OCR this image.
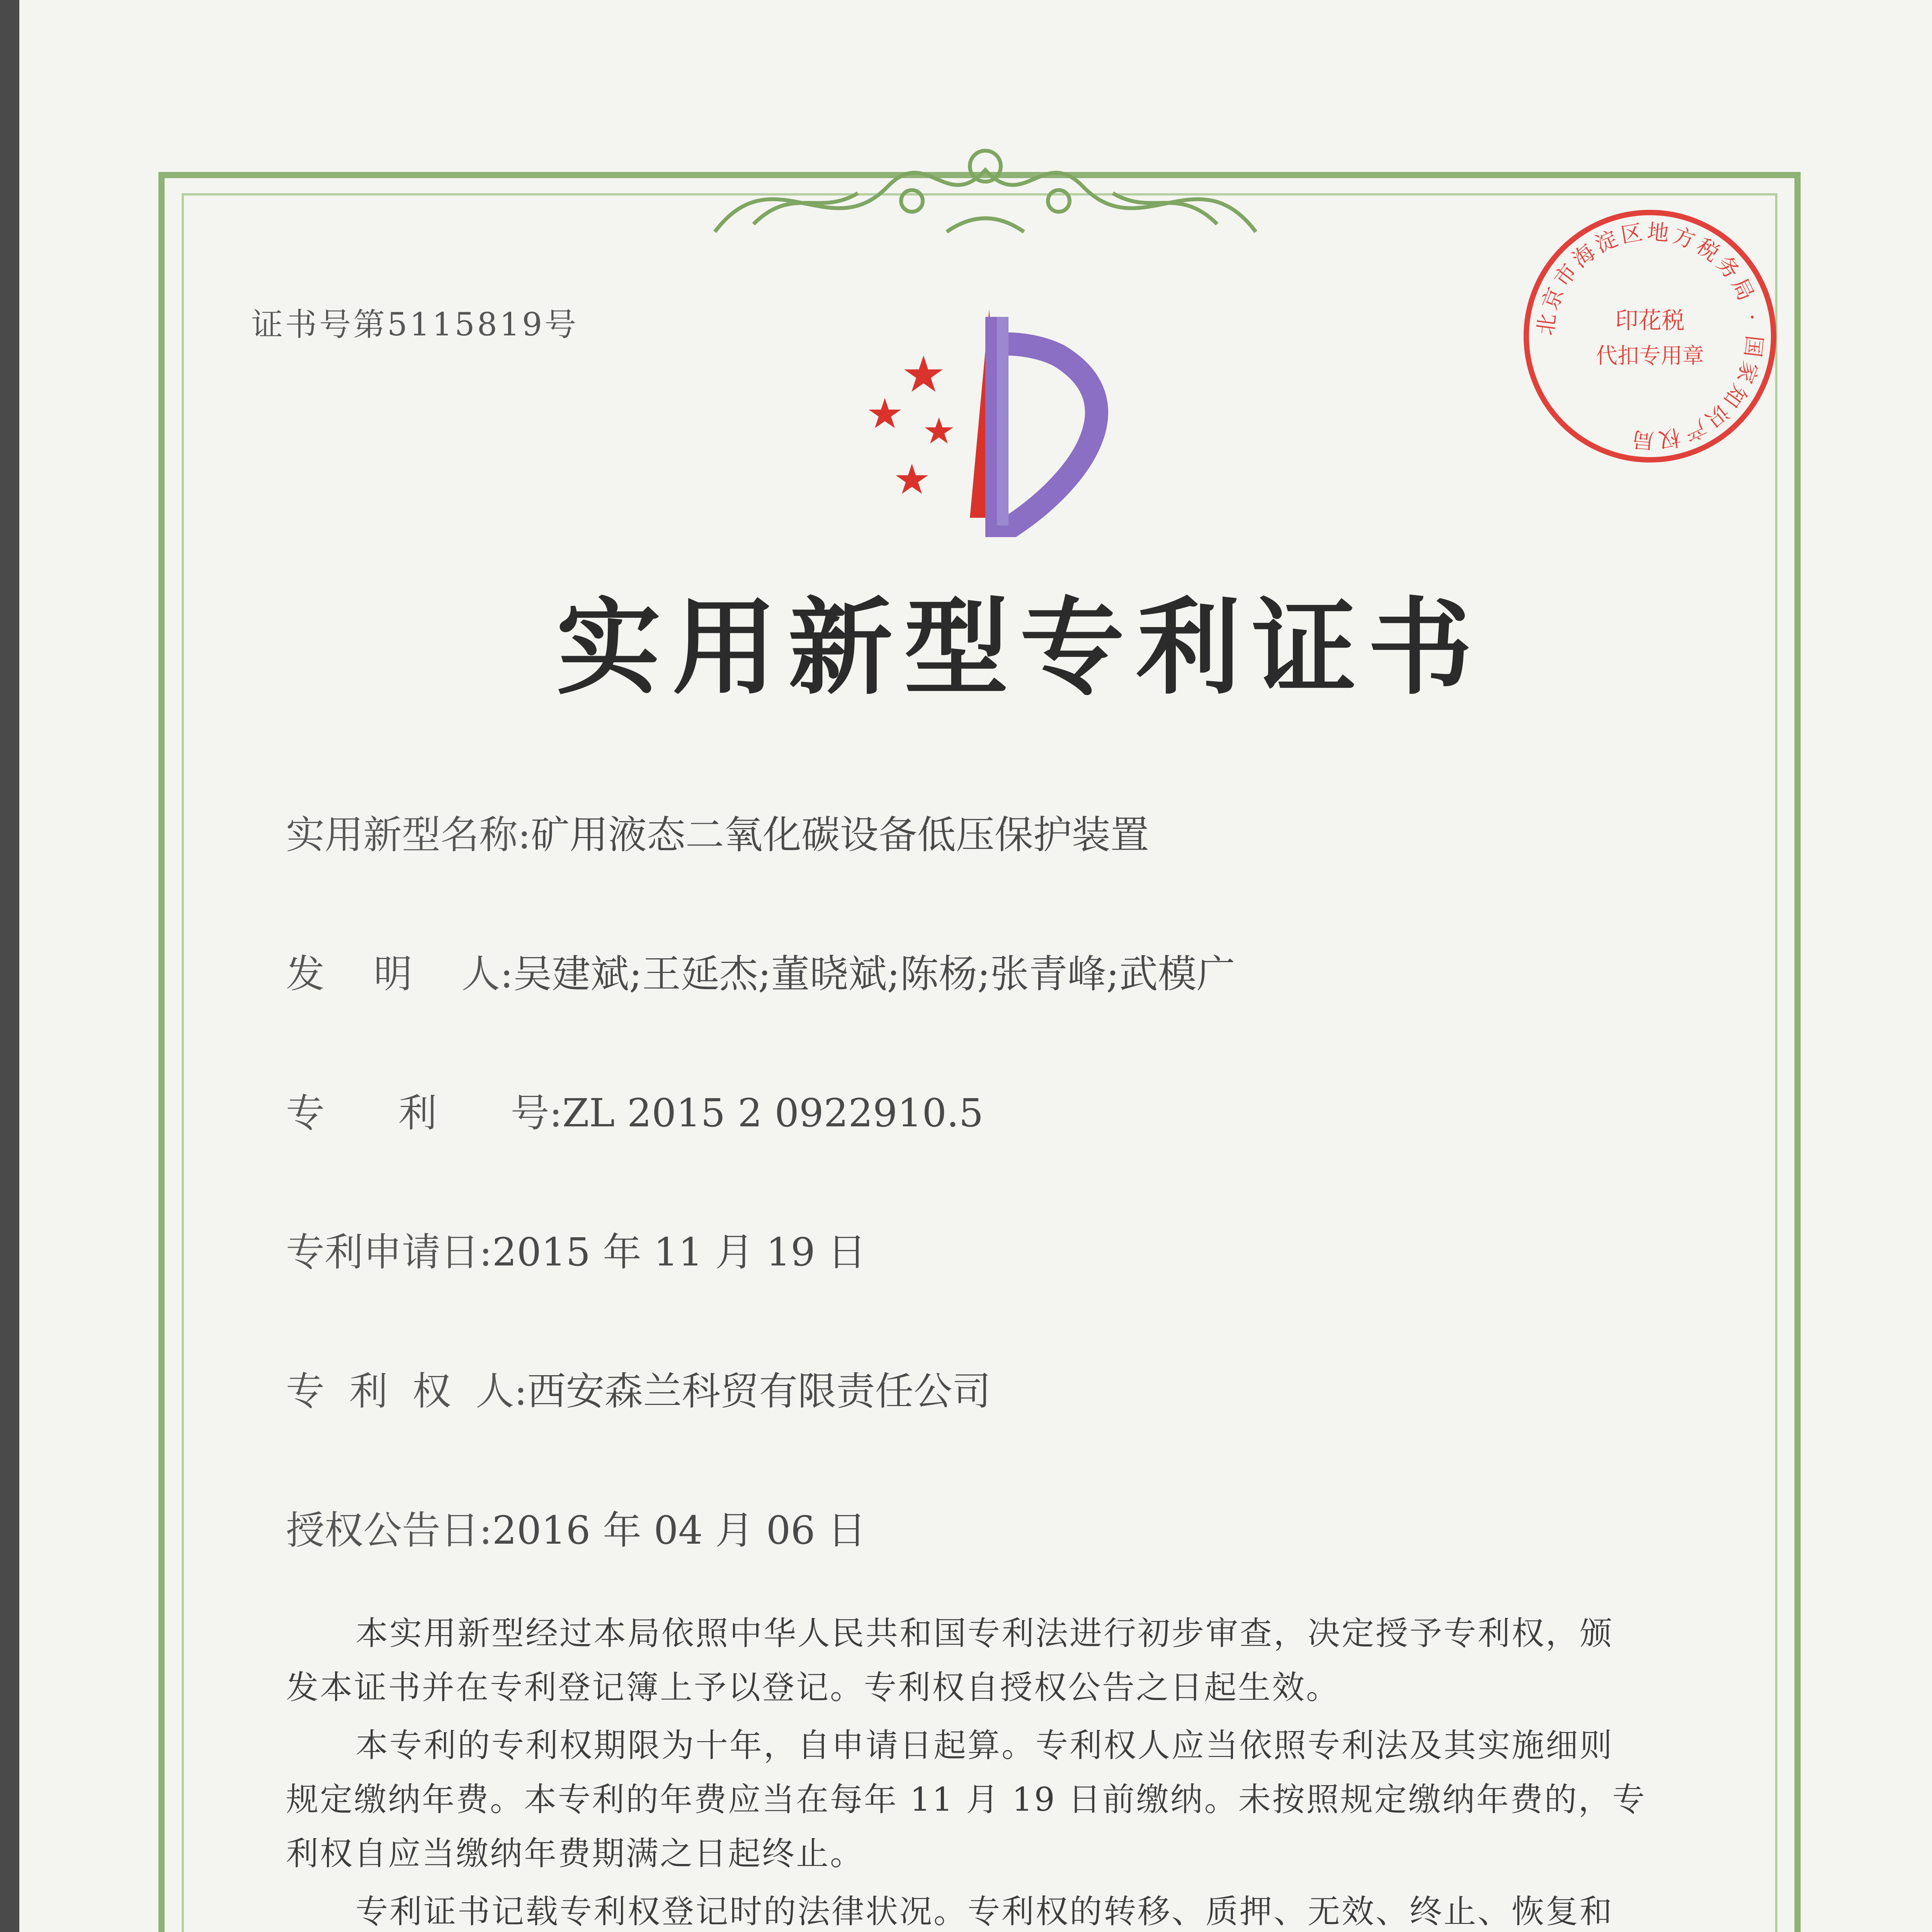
证书号第5115819号	北京市海淀区地方税务局 · 国家知识产权局
印花税
代扣专用章
实用新型专利证书
实用新型名称:矿用液态二氧化碳设备低压保护装置
发    明    人:吴建斌;王延杰;董晓斌;陈杨;张青峰;武模广
专      利      号:ZL 2015 2 0922910.5
专利申请日:2015 年 11 月 19 日
专  利  权  人:西安森兰科贸有限责任公司
授权公告日:2016 年 04 月 06 日
本实用新型经过本局依照中华人民共和国专利法进行初步审查，决定授予专利权，颁
发本证书并在专利登记簿上予以登记。专利权自授权公告之日起生效。
本专利的专利权期限为十年，自申请日起算。专利权人应当依照专利法及其实施细则
规定缴纳年费。本专利的年费应当在每年 11 月 19 日前缴纳。未按照规定缴纳年费的，专
利权自应当缴纳年费期满之日起终止。
专利证书记载专利权登记时的法律状况。专利权的转移、质押、无效、终止、恢复和
